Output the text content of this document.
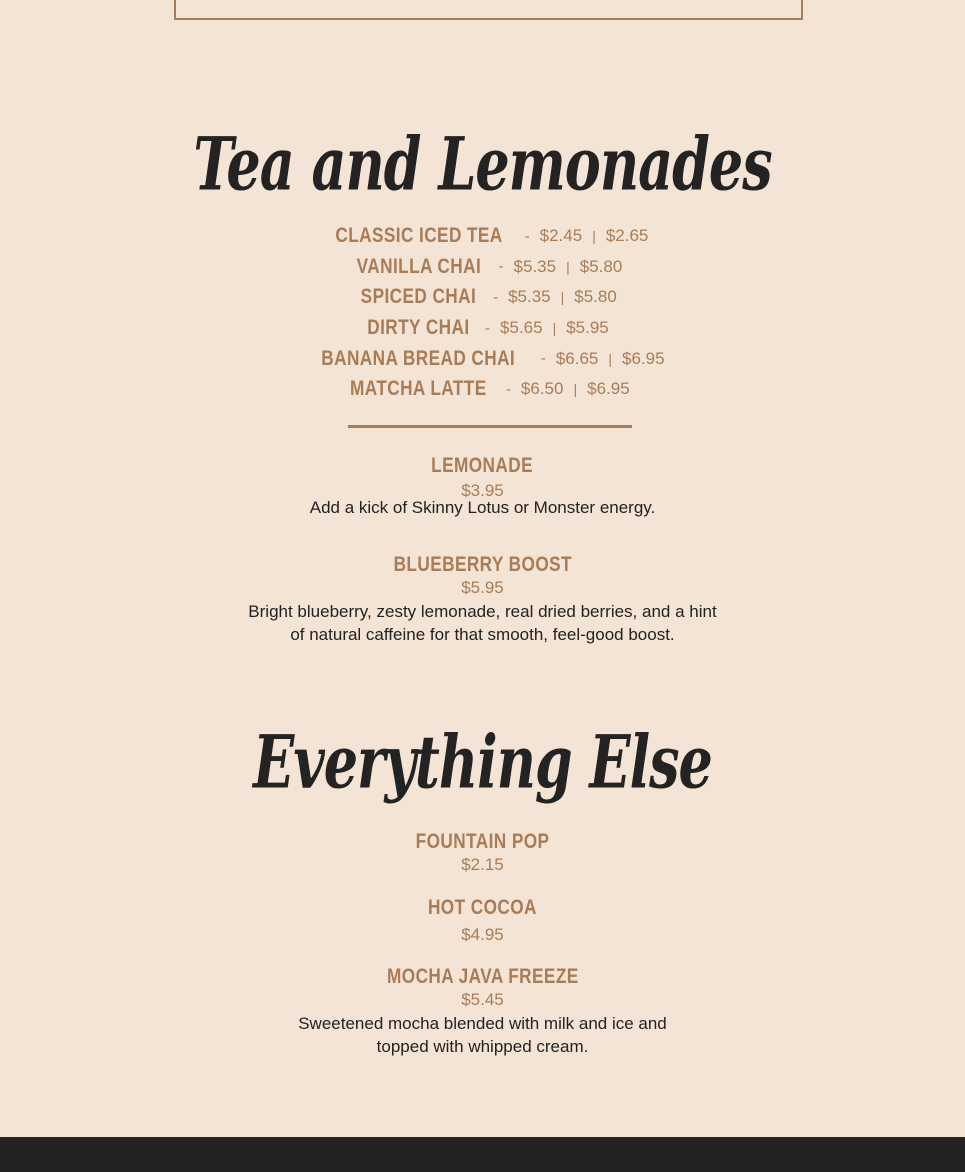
Tea and Lemonades
CLASSIC ICED TEA - $2.45 | $2.65
VANILLA CHAI - $5.35 | $5.80
SPICED CHAI - $5.35 | $5.80
DIRTY CHAI - $5.65 | $5.95
BANANA BREAD CHAI - $6.65 | $6.95
MATCHA LATTE - $6.50 | $6.95
LEMONADE
$3.95
Add a kick of Skinny Lotus or Monster energy.
BLUEBERRY BOOST
$5.95
Bright blueberry, zesty lemonade, real dried berries, and a hint
of natural caffeine for that smooth, feel-good boost.
Everything Else
FOUNTAIN POP
$2.15
HOT COCOA
$4.95
MOCHA JAVA FREEZE
$5.45
Sweetened mocha blended with milk and ice and
topped with whipped cream.
